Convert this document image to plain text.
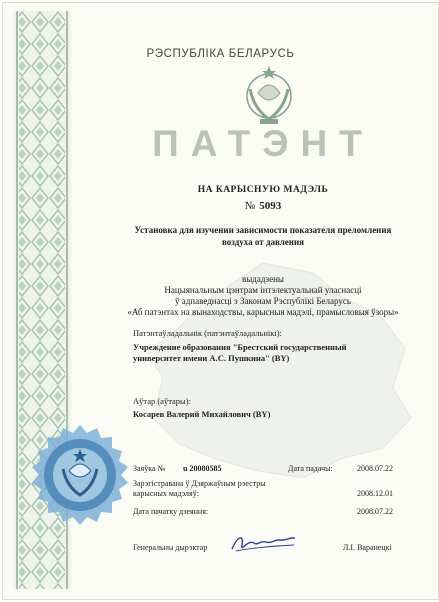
РЭСПУБЛІКА БЕЛАРУСЬ
ПАТЭНТ
НА КАРЫСНУЮ МАДЭЛЬ
№ 5093
Установка для изучении зависимости показателя преломления
воздуха от давления
выдадзены
Нацыянальным цэнтрам інтэлектуальнай уласнасці
ў адпаведнасці з Законам Рэспублікі Беларусь
«Аб патэнтах на вынаходствы, карысныя мадэлі, прамысловыя ўзоры»
Патэнтаўладальнік (патэнтаўладальнікі):
Учреждение образования "Брестский государственный
университет имени А.С. Пушкина" (BY)
Аўтар (аўтары):
Косарев Валерий Михайлович (BY)
Заяўка № u 20080585	Дата падачы:	2008.07.22
Зарэгістравана ў Дзяржаўным рэестры
карысных мадэляў:	2008.12.01
Дата пачатку дзеяння:	2008.07.22
Генеральны дырэктар	Л.І. Варанецкі
